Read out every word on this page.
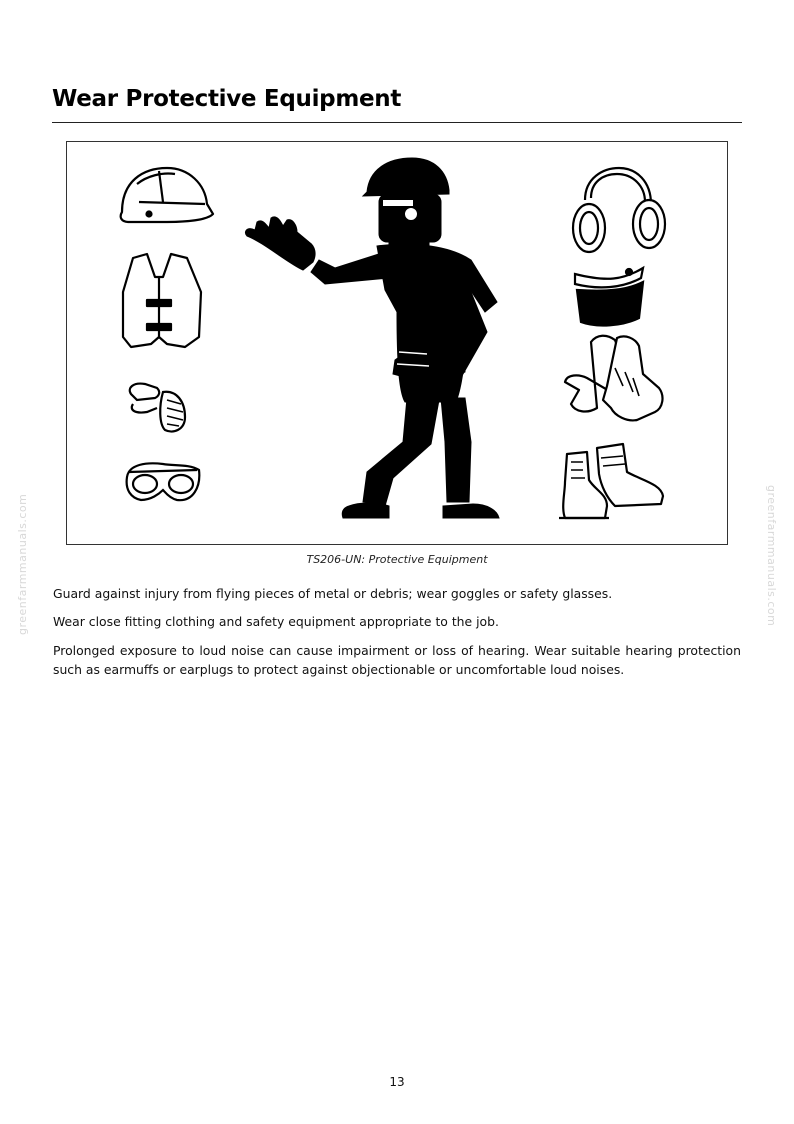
Wear Protective Equipment
TS206-UN: Protective Equipment

Guard against injury from flying pieces of metal or debris; wear goggles or safety glasses.

Wear close fitting clothing and safety equipment appropriate to the job.

Prolonged exposure to loud noise can cause impairment or loss of hearing. Wear suitable hearing protection such as earmuffs or earplugs to protect against objectionable or uncomfortable loud noises.

greenfarmmanuals.com	greenfarmmanuals.com
13
